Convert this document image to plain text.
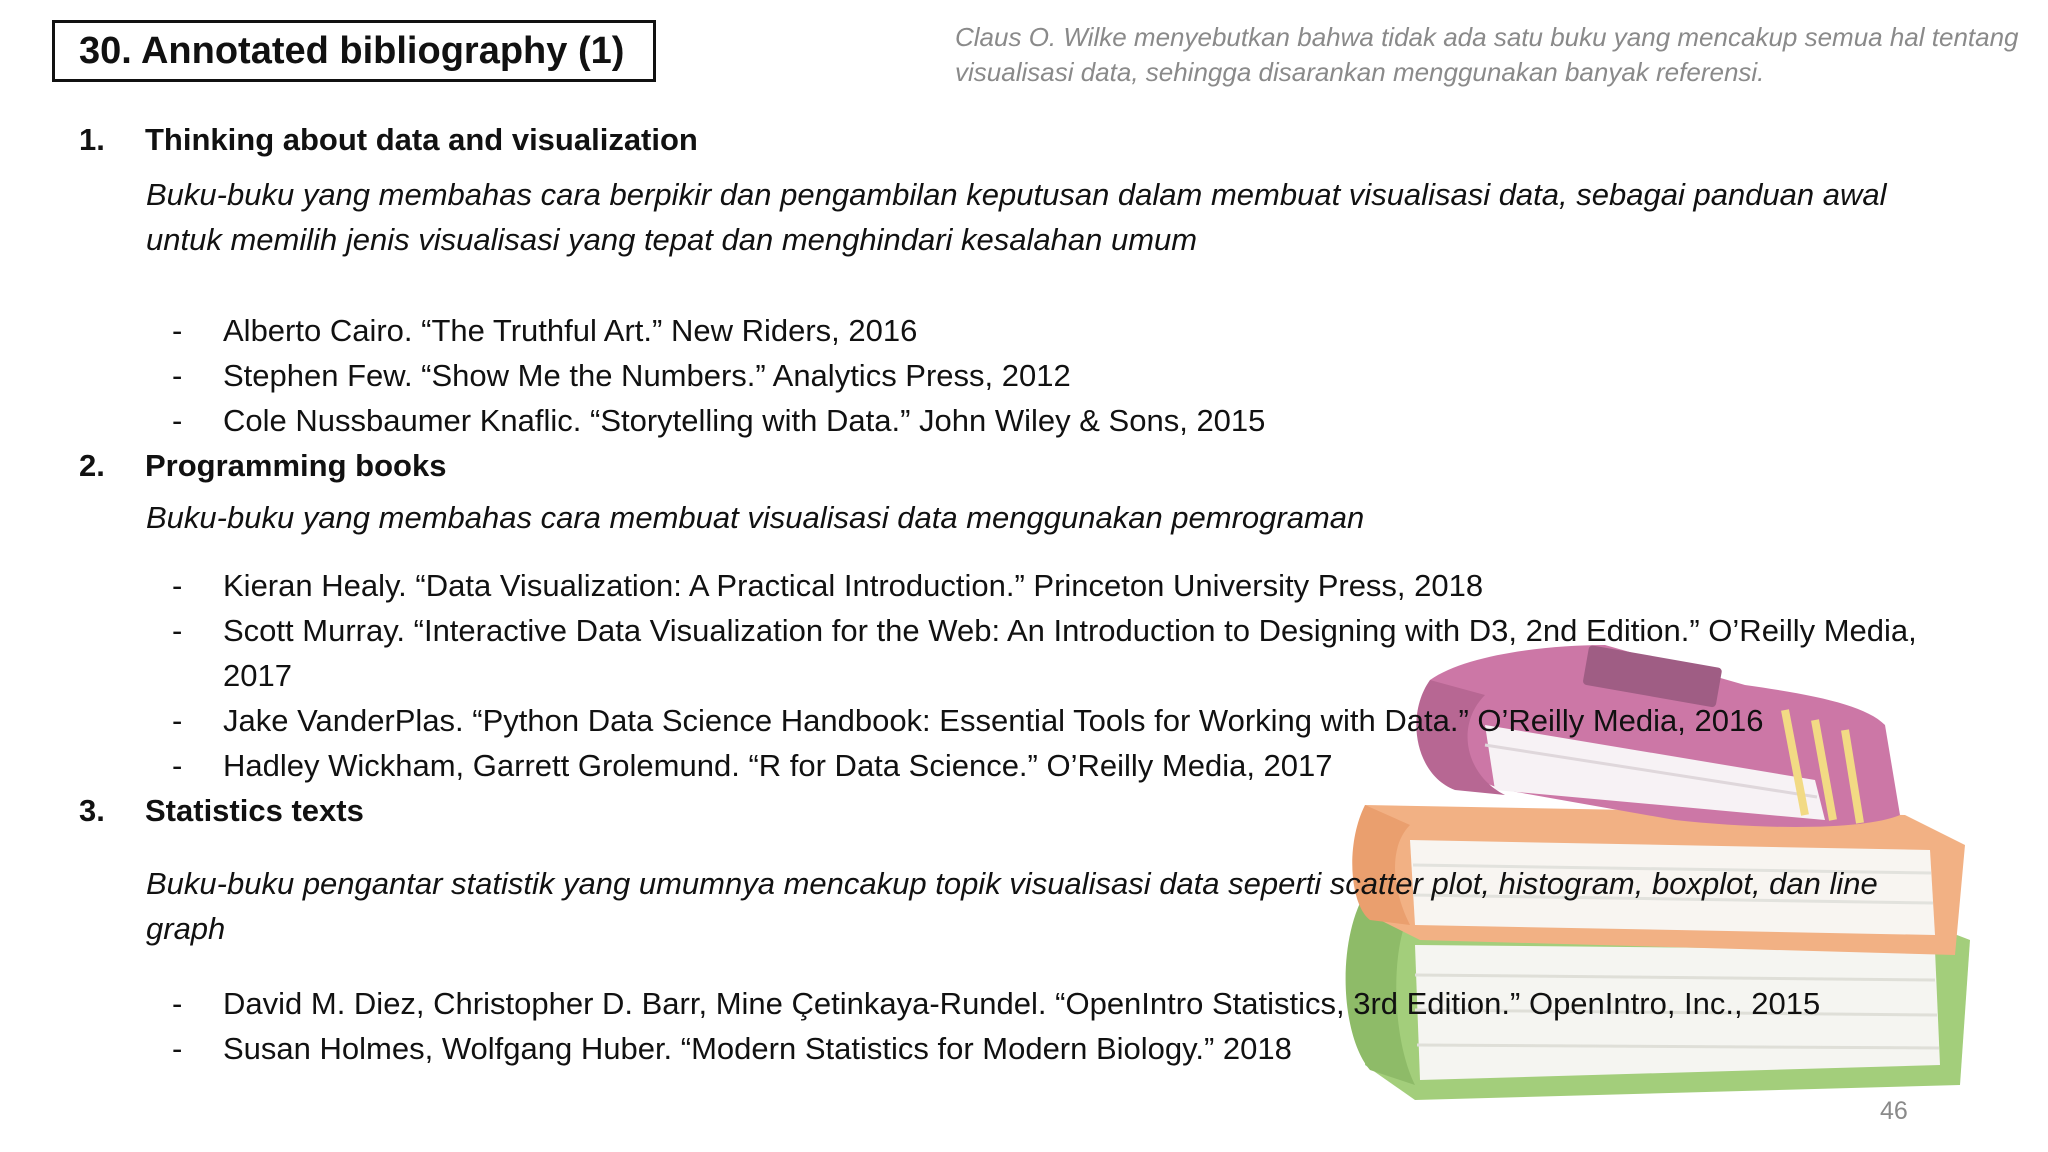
30. Annotated bibliography (1)	Claus O. Wilke menyebutkan bahwa tidak ada satu buku yang mencakup semua hal tentang visualisasi data, sehingga disarankan menggunakan banyak referensi.
1. Thinking about data and visualization
Buku-buku yang membahas cara berpikir dan pengambilan keputusan dalam membuat visualisasi data, sebagai panduan awal untuk memilih jenis visualisasi yang tepat dan menghindari kesalahan umum
-	Alberto Cairo. “The Truthful Art.” New Riders, 2016
-	Stephen Few. “Show Me the Numbers.” Analytics Press, 2012
-	Cole Nussbaumer Knaflic. “Storytelling with Data.” John Wiley & Sons, 2015
2. Programming books
Buku-buku yang membahas cara membuat visualisasi data menggunakan pemrograman
-	Kieran Healy. “Data Visualization: A Practical Introduction.” Princeton University Press, 2018
-	Scott Murray. “Interactive Data Visualization for the Web: An Introduction to Designing with D3, 2nd Edition.” O’Reilly Media, 2017
-	Jake VanderPlas. “Python Data Science Handbook: Essential Tools for Working with Data.” O’Reilly Media, 2016
-	Hadley Wickham, Garrett Grolemund. “R for Data Science.” O’Reilly Media, 2017
3. Statistics texts
Buku-buku pengantar statistik yang umumnya mencakup topik visualisasi data seperti scatter plot, histogram, boxplot, dan line graph
-	David M. Diez, Christopher D. Barr, Mine Çetinkaya-Rundel. “OpenIntro Statistics, 3rd Edition.” OpenIntro, Inc., 2015
-	Susan Holmes, Wolfgang Huber. “Modern Statistics for Modern Biology.” 2018
46
